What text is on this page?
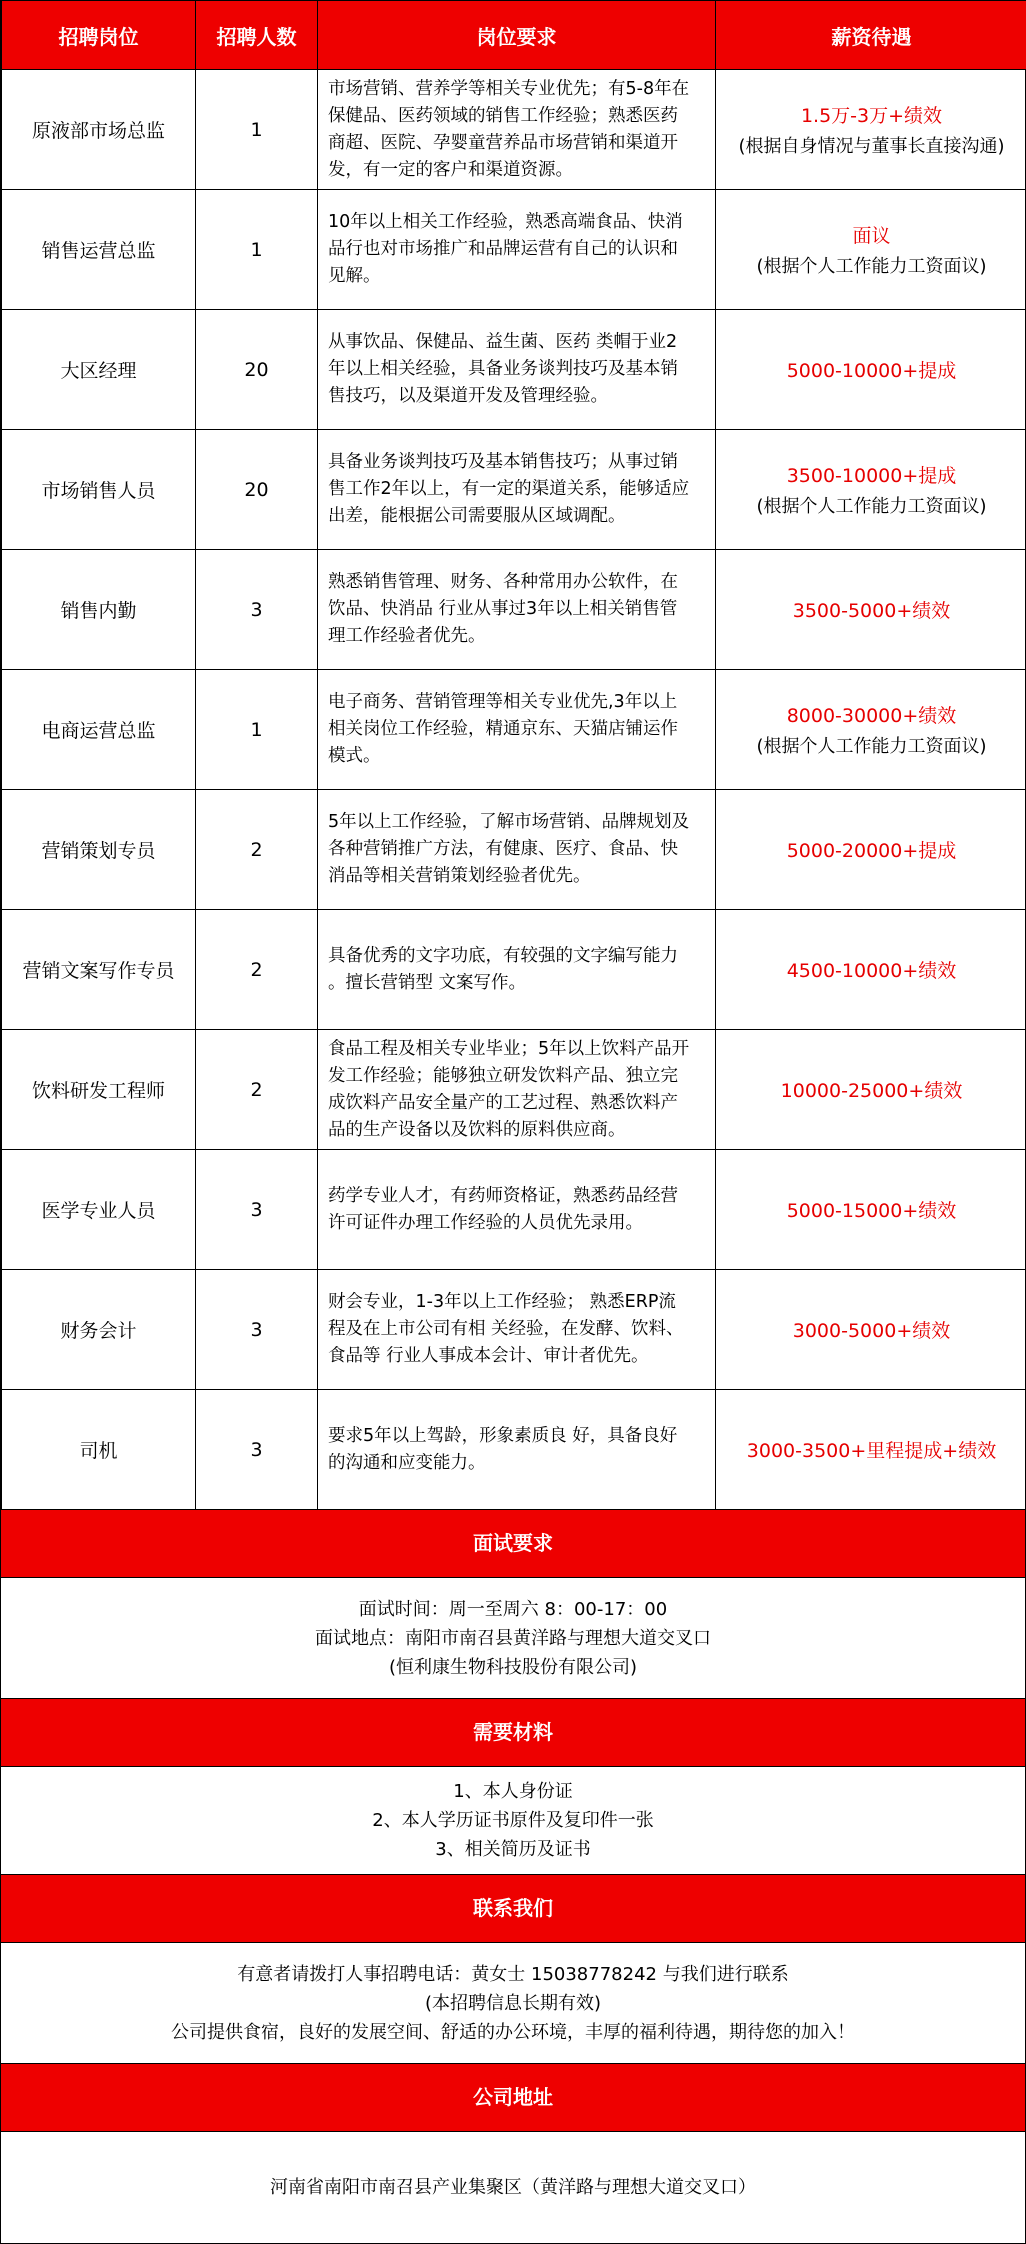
招聘岗位	招聘人数	岗位要求	薪资待遇
原液部市场总监	1	市场营销、营养学等相关专业优先；有5-8年在
保健品、医药领域的销售工作经验；熟悉医药
商超、医院、孕婴童营养品市场营销和渠道开
发，有一定的客户和渠道资源。	1.5万-3万+绩效
(根据自身情况与董事长直接沟通)

销售运营总监	1	10年以上相关工作经验，熟悉高端食品、快消
品行也对市场推广和品牌运营有自己的认识和
见解。	面议
(根据个人工作能力工资面议)

大区经理	20	从事饮品、保健品、益生菌、医药 类帽于业2
年以上相关经验，具备业务谈判技巧及基本销
售技巧，以及渠道开发及管理经验。	5000-10000+提成

市场销售人员	20	具备业务谈判技巧及基本销售技巧；从事过销
售工作2年以上，有一定的渠道关系，能够适应
出差，能根据公司需要服从区域调配。	3500-10000+提成
(根据个人工作能力工资面议)

销售内勤	3	熟悉销售管理、财务、各种常用办公软件，在
饮品、快消品 行业从事过3年以上相关销售管
理工作经验者优先。	3500-5000+绩效

电商运营总监	1	电子商务、营销管理等相关专业优先,3年以上
相关岗位工作经验，精通京东、天猫店铺运作
模式。	8000-30000+绩效
(根据个人工作能力工资面议)

营销策划专员	2	5年以上工作经验，了解市场营销、品牌规划及
各种营销推广方法，有健康、医疗、食品、快
消品等相关营销策划经验者优先。	5000-20000+提成

营销文案写作专员	2	具备优秀的文字功底，有较强的文字编写能力
。擅长营销型 文案写作。	4500-10000+绩效

饮料研发工程师	2	食品工程及相关专业毕业；5年以上饮料产品开
发工作经验；能够独立研发饮料产品、独立完
成饮料产品安全量产的工艺过程、熟悉饮料产
品的生产设备以及饮料的原料供应商。	10000-25000+绩效

医学专业人员	3	药学专业人才，有药师资格证，熟悉药品经营
许可证件办理工作经验的人员优先录用。	5000-15000+绩效

财务会计	3	财会专业，1-3年以上工作经验； 熟悉ERP流
程及在上市公司有相 关经验，在发酵、饮料、
食品等 行业人事成本会计、审计者优先。	3000-5000+绩效

司机	3	要求5年以上驾龄，形象素质良 好，具备良好
的沟通和应变能力。	3000-3500+里程提成+绩效
面试要求
面试时间：周一至周六 8：00-17：00
面试地点：南阳市南召县黄洋路与理想大道交叉口
(恒利康生物科技股份有限公司)
需要材料
1、本人身份证
2、本人学历证书原件及复印件一张
3、相关简历及证书
联系我们
有意者请拨打人事招聘电话：黄女士 15038778242 与我们进行联系
(本招聘信息长期有效)
公司提供食宿，良好的发展空间、舒适的办公环境，丰厚的福利待遇，期待您的加入！
公司地址
河南省南阳市南召县产业集聚区（黄洋路与理想大道交叉口）
